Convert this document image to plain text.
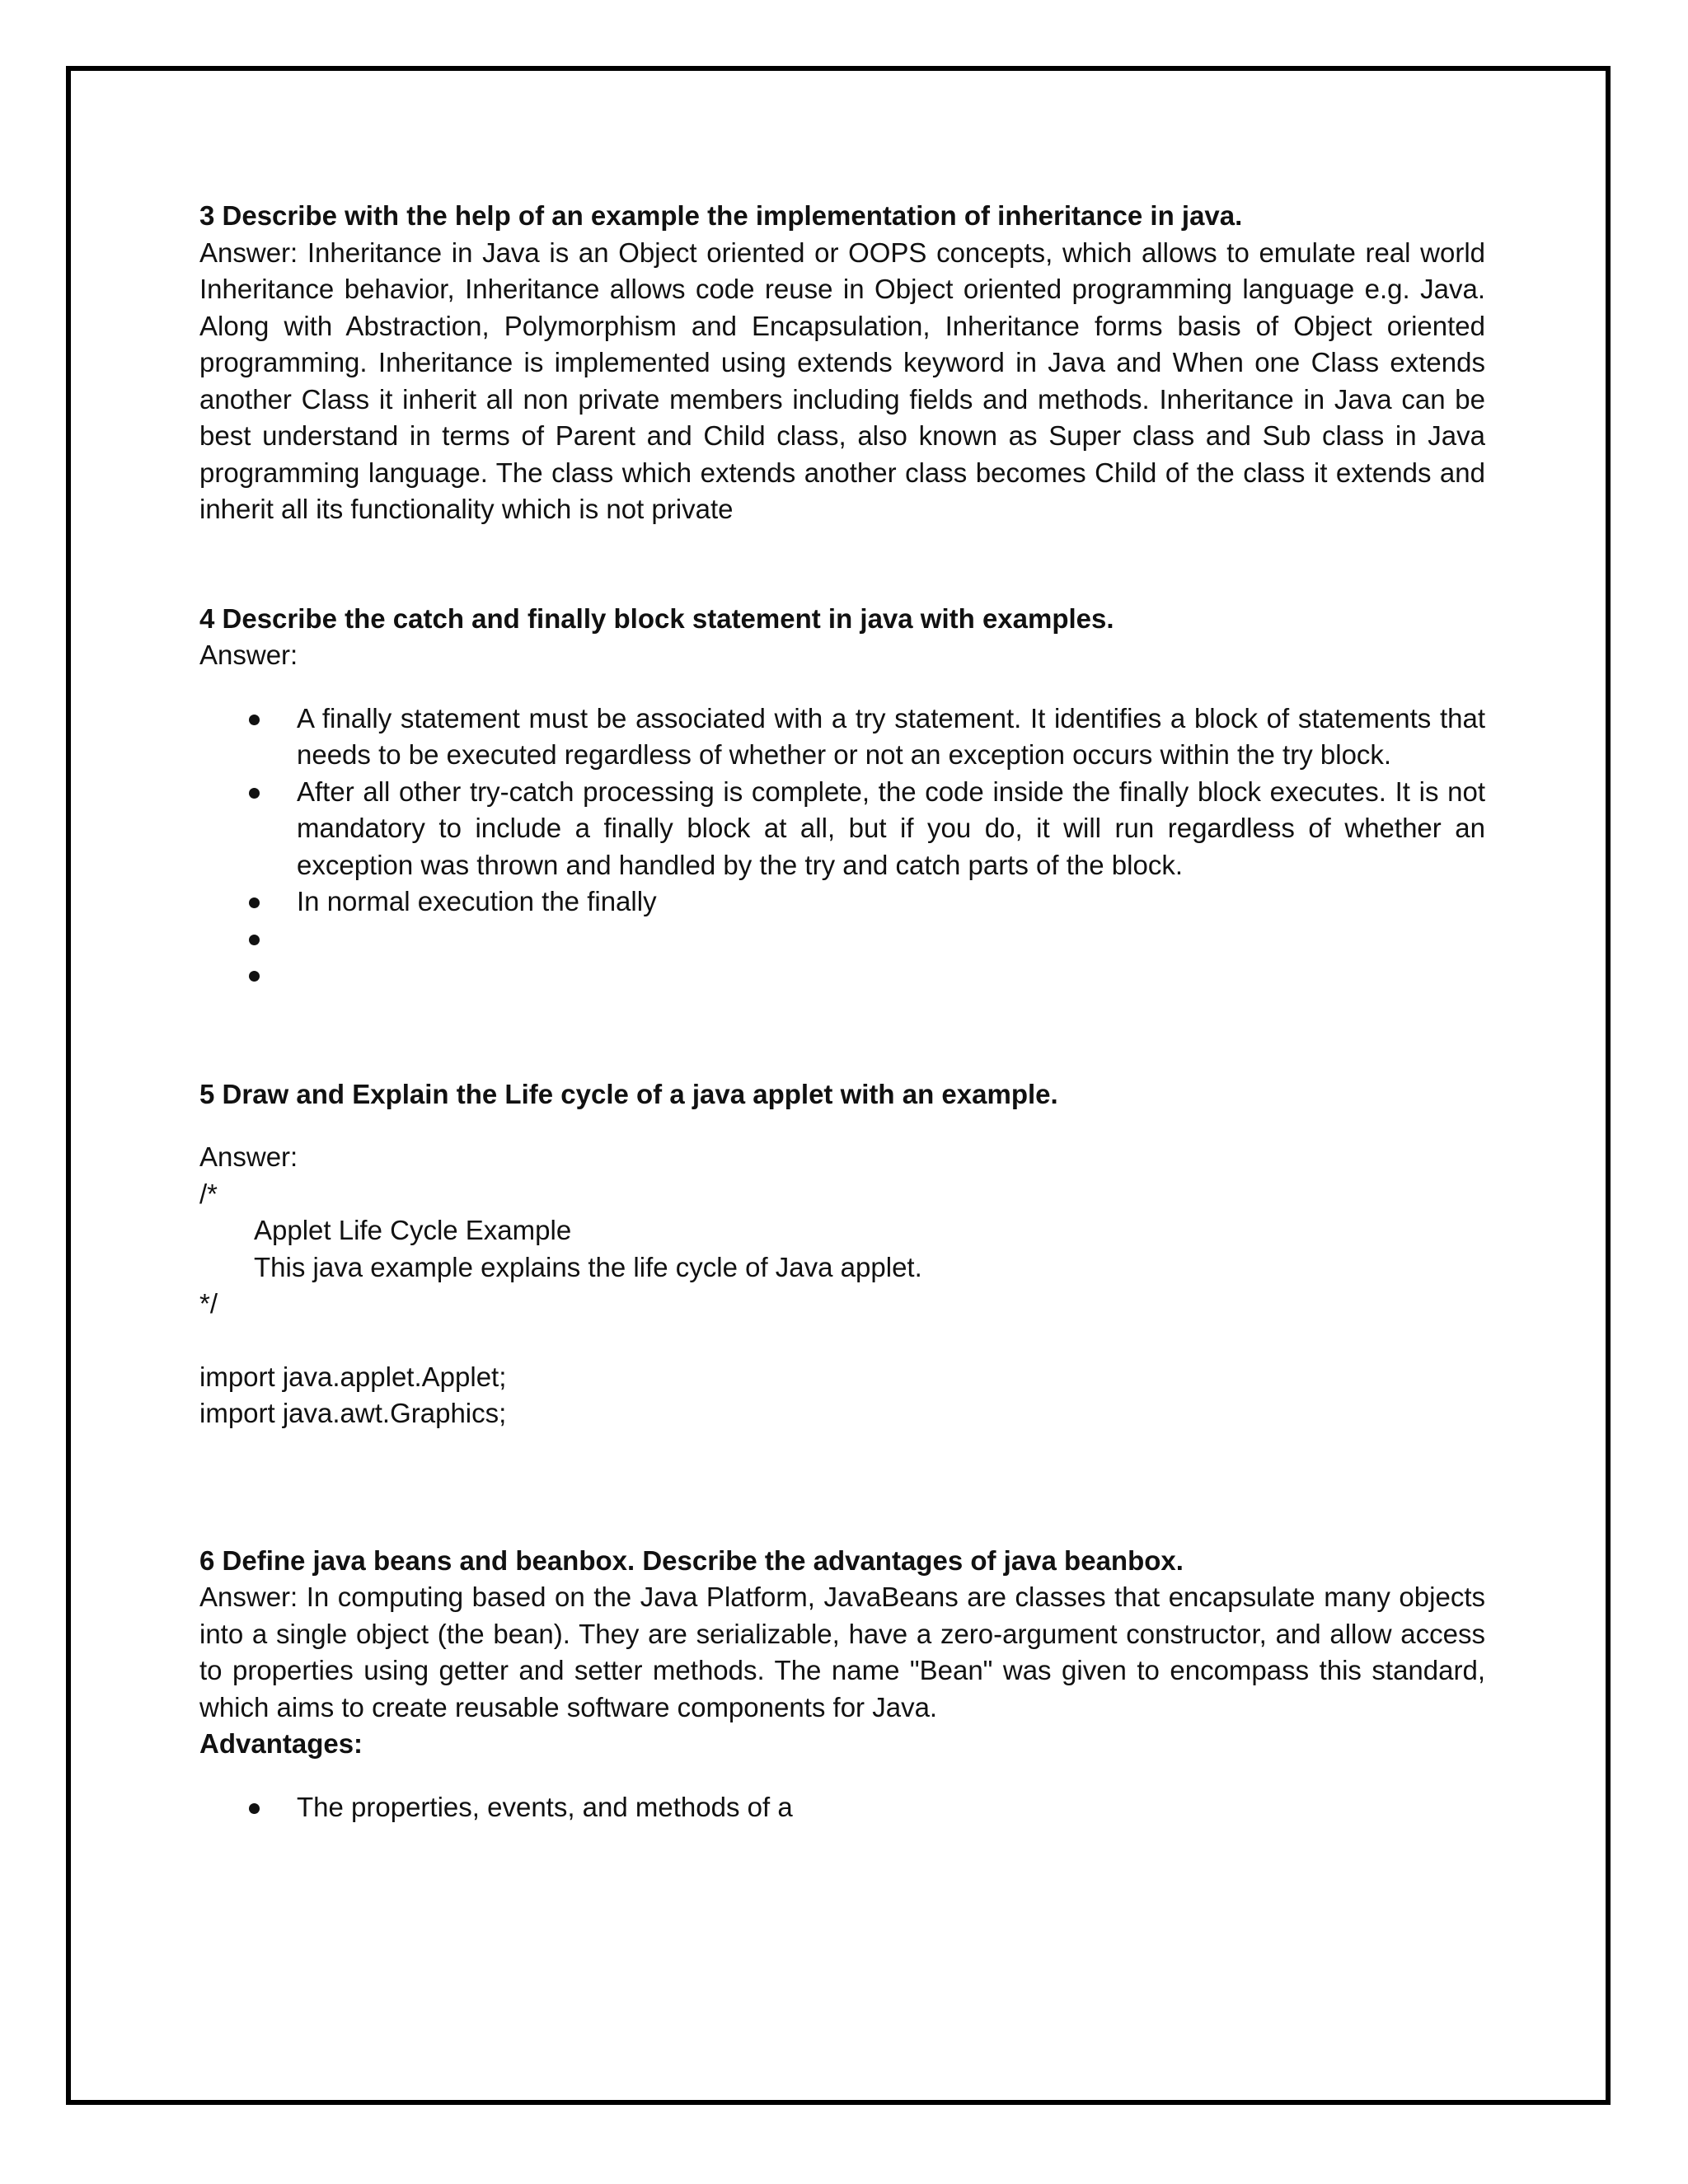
3 Describe with the help of an example the implementation of inheritance in java.

Answer: Inheritance in Java is an Object oriented or OOPS concepts, which allows to emulate real world Inheritance behavior, Inheritance allows code reuse in Object oriented programming language e.g. Java. Along with Abstraction, Polymorphism and Encapsulation, Inheritance forms basis of Object oriented programming. Inheritance is implemented using extends keyword in Java and When one Class extends another Class it inherit all non private members including fields and methods. Inheritance in Java can be best understand in terms of Parent and Child class, also known as Super class and Sub class in Java programming language. The class which extends another class becomes Child of the class it extends and inherit all its functionality which is not private

4 Describe the catch and finally block statement in java with examples.

Answer:

A finally statement must be associated with a try statement. It identifies a block of statements that needs to be executed regardless of whether or not an exception occurs within the try block.
After all other try-catch processing is complete, the code inside the finally block executes. It is not mandatory to include a finally block at all, but if you do, it will run regardless of whether an exception was thrown and handled by the try and catch parts of the block.
In normal execution the finally

5 Draw and Explain the Life cycle of a java applet with an example.

Answer:

/*

Applet Life Cycle Example

This java example explains the life cycle of Java applet.

*/

import java.applet.Applet;

import java.awt.Graphics;

6 Define java beans and beanbox. Describe the advantages of java beanbox.

Answer: In computing based on the Java Platform, JavaBeans are classes that encapsulate many objects into a single object (the bean). They are serializable, have a zero-argument constructor, and allow access to properties using getter and setter methods. The name "Bean" was given to encompass this standard, which aims to create reusable software components for Java.

Advantages:

The properties, events, and methods of a
